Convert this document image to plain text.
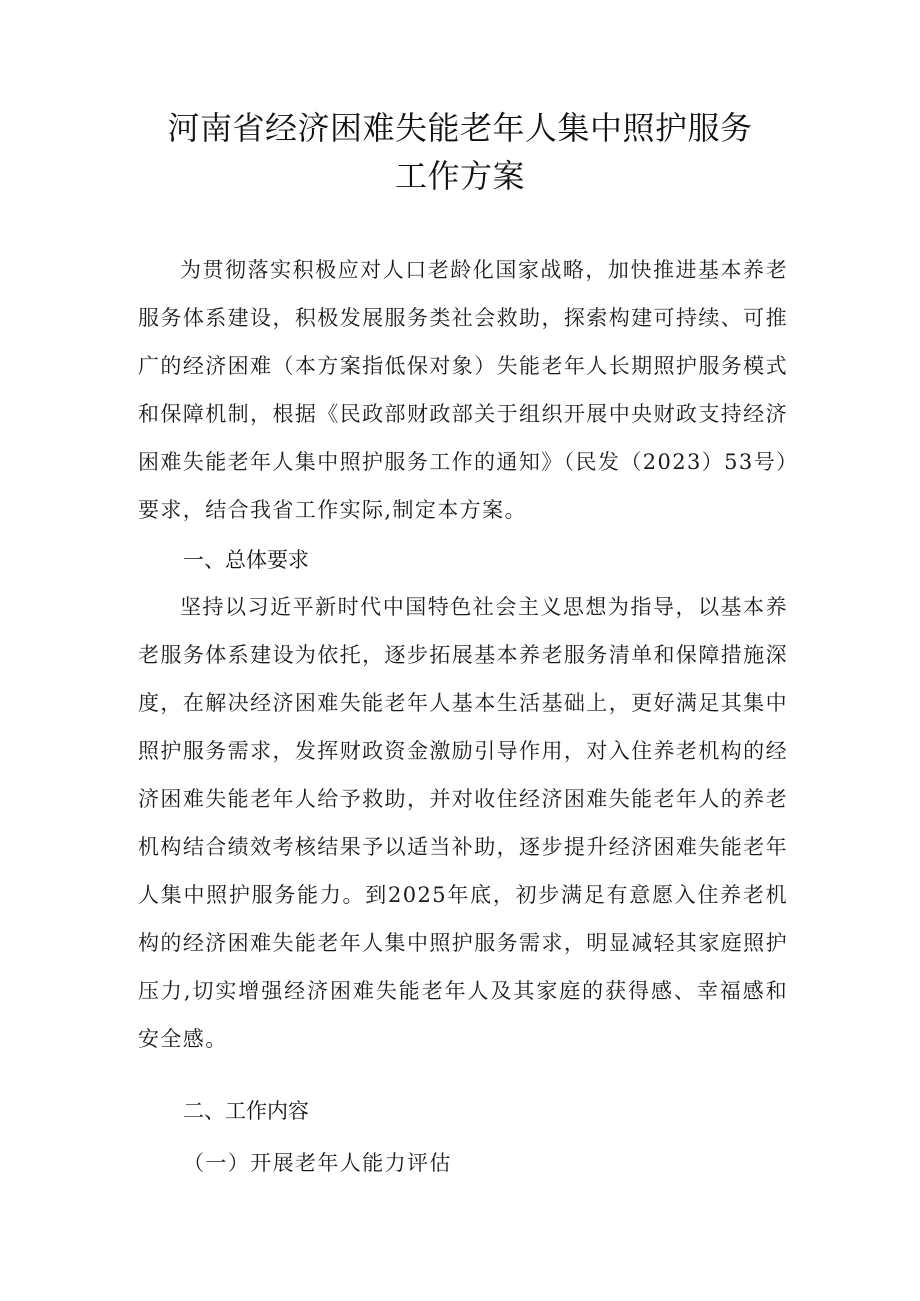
河南省经济困难失能老年人集中照护服务
工作方案
为贯彻落实积极应对人口老龄化国家战略，加快推进基本养老服务体系建设，积极发展服务类社会救助，探索构建可持续、可推广的经济困难（本方案指低保对象）失能老年人长期照护服务模式和保障机制，根据《民政部财政部关于组织开展中央财政支持经济困难失能老年人集中照护服务工作的通知》（民发（2023）53号）要求，结合我省工作实际,制定本方案。
一、总体要求
坚持以习近平新时代中国特色社会主义思想为指导，以基本养老服务体系建设为依托，逐步拓展基本养老服务清单和保障措施深度，在解决经济困难失能老年人基本生活基础上，更好满足其集中照护服务需求，发挥财政资金激励引导作用，对入住养老机构的经济困难失能老年人给予救助，并对收住经济困难失能老年人的养老机构结合绩效考核结果予以适当补助，逐步提升经济困难失能老年人集中照护服务能力。到2025年底，初步满足有意愿入住养老机构的经济困难失能老年人集中照护服务需求，明显减轻其家庭照护压力,切实增强经济困难失能老年人及其家庭的获得感、幸福感和安全感。
二、工作内容
（一）开展老年人能力评估
